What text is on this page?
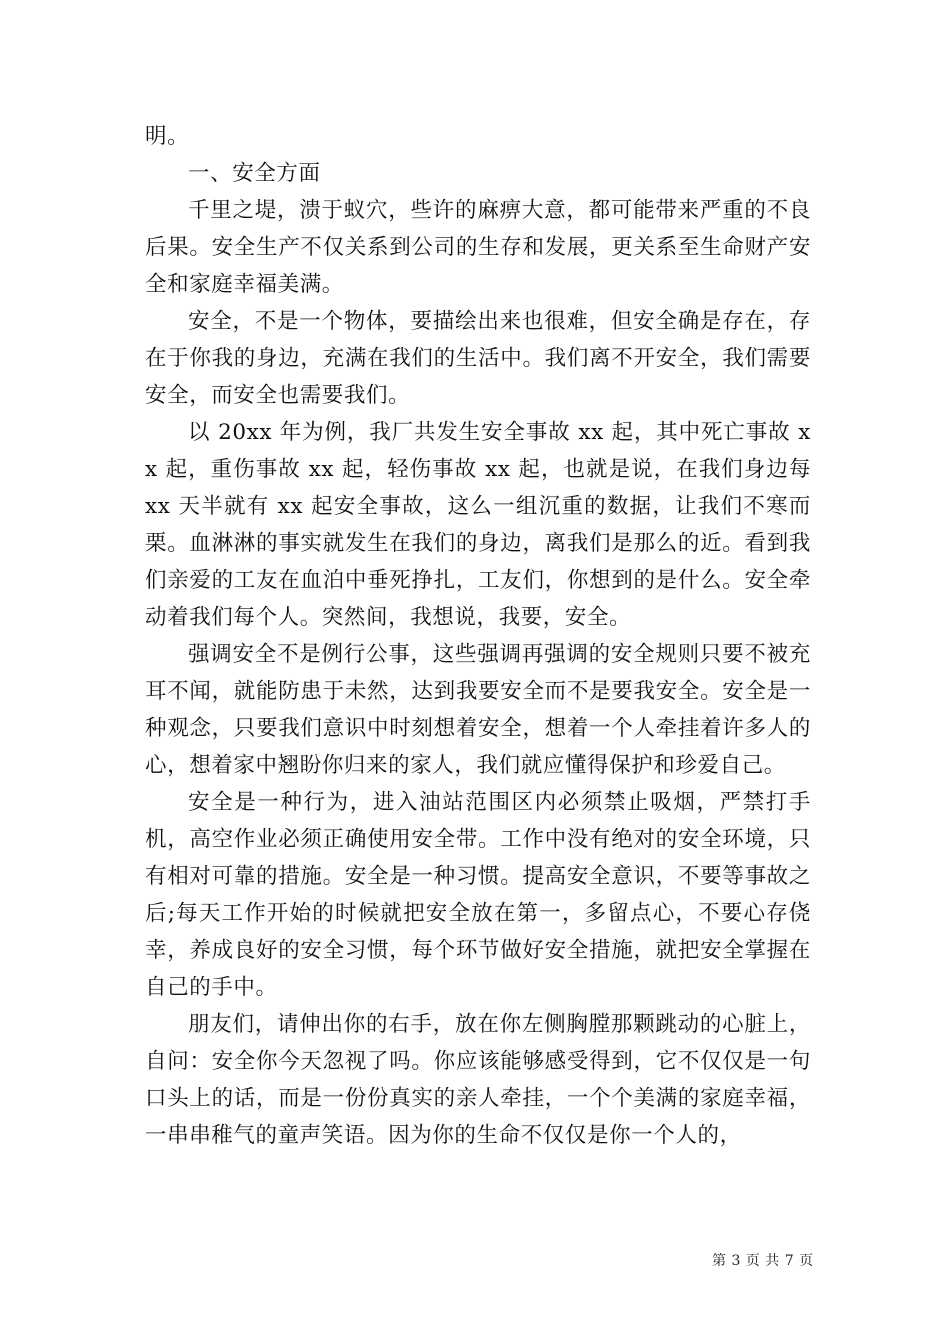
明。

一、安全方面

千里之堤，溃于蚁穴，些许的麻痹大意，都可能带来严重的不良后果。安全生产不仅关系到公司的生存和发展，更关系至生命财产安全和家庭幸福美满。

安全，不是一个物体，要描绘出来也很难，但安全确是存在，存在于你我的身边，充满在我们的生活中。我们离不开安全，我们需要安全，而安全也需要我们。

以 20xx 年为例，我厂共发生安全事故 xx 起，其中死亡事故 xx 起，重伤事故 xx 起，轻伤事故 xx 起，也就是说，在我们身边每 xx 天半就有 xx 起安全事故，这么一组沉重的数据，让我们不寒而栗。血淋淋的事实就发生在我们的身边，离我们是那么的近。看到我们亲爱的工友在血泊中垂死挣扎，工友们，你想到的是什么。安全牵动着我们每个人。突然间，我想说，我要，安全。

强调安全不是例行公事，这些强调再强调的安全规则只要不被充耳不闻，就能防患于未然，达到我要安全而不是要我安全。安全是一种观念，只要我们意识中时刻想着安全，想着一个人牵挂着许多人的心，想着家中翘盼你归来的家人，我们就应懂得保护和珍爱自己。

安全是一种行为，进入油站范围区内必须禁止吸烟，严禁打手机，高空作业必须正确使用安全带。工作中没有绝对的安全环境，只有相对可靠的措施。安全是一种习惯。提高安全意识，不要等事故之后;每天工作开始的时候就把安全放在第一，多留点心，不要心存侥幸，养成良好的安全习惯，每个环节做好安全措施，就把安全掌握在自己的手中。

朋友们，请伸出你的右手，放在你左侧胸膛那颗跳动的心脏上，自问：安全你今天忽视了吗。你应该能够感受得到，它不仅仅是一句口头上的话，而是一份份真实的亲人牵挂，一个个美满的家庭幸福，一串串稚气的童声笑语。因为你的生命不仅仅是你一个人的，

第 3 页 共 7 页
